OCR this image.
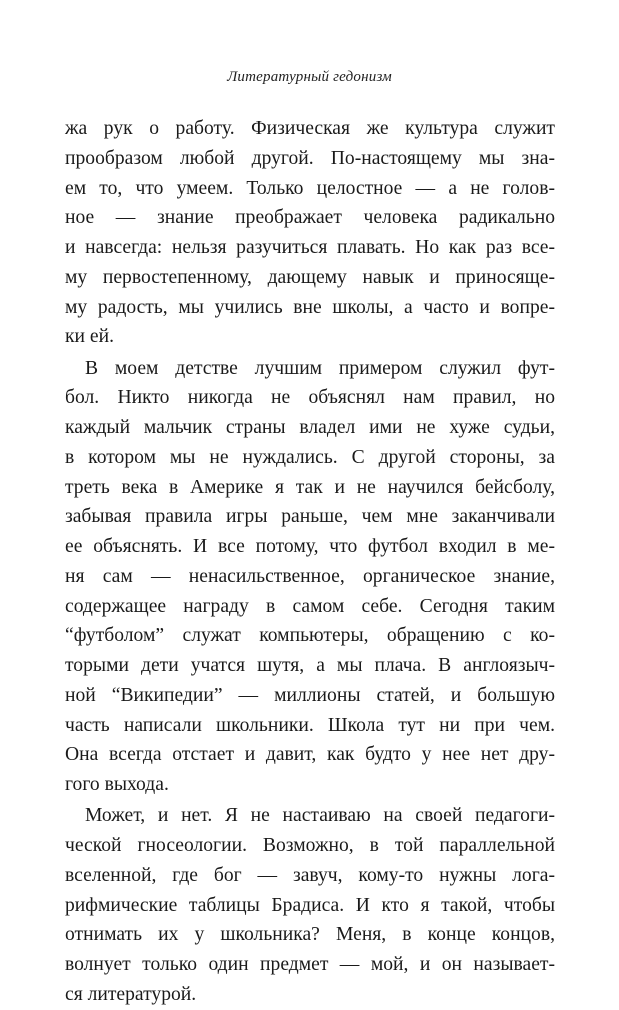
Литературный гедонизм
жа рук о работу. Физическая же культура служит
прообразом любой другой. По-настоящему мы зна-
ем то, что умеем. Только целостное — а не голов-
ное — знание преображает человека радикально
и навсегда: нельзя разучиться плавать. Но как раз все-
му первостепенному, дающему навык и приносяще-
му радость, мы учились вне школы, а часто и вопре-
ки ей.
В моем детстве лучшим примером служил фут-
бол. Никто никогда не объяснял нам правил, но
каждый мальчик страны владел ими не хуже судьи,
в котором мы не нуждались. С другой стороны, за
треть века в Америке я так и не научился бейсболу,
забывая правила игры раньше, чем мне заканчивали
ее объяснять. И все потому, что футбол входил в ме-
ня сам — ненасильственное, органическое знание,
содержащее награду в самом себе. Сегодня таким
“футболом” служат компьютеры, обращению с ко-
торыми дети учатся шутя, а мы плача. В англоязыч-
ной “Википедии” — миллионы статей, и большую
часть написали школьники. Школа тут ни при чем.
Она всегда отстает и давит, как будто у нее нет дру-
гого выхода.
Может, и нет. Я не настаиваю на своей педагоги-
ческой гносеологии. Возможно, в той параллельной
вселенной, где бог — завуч, кому-то нужны лога-
рифмические таблицы Брадиса. И кто я такой, чтобы
отнимать их у школьника? Меня, в конце концов,
волнует только один предмет — мой, и он называет-
ся литературой.
